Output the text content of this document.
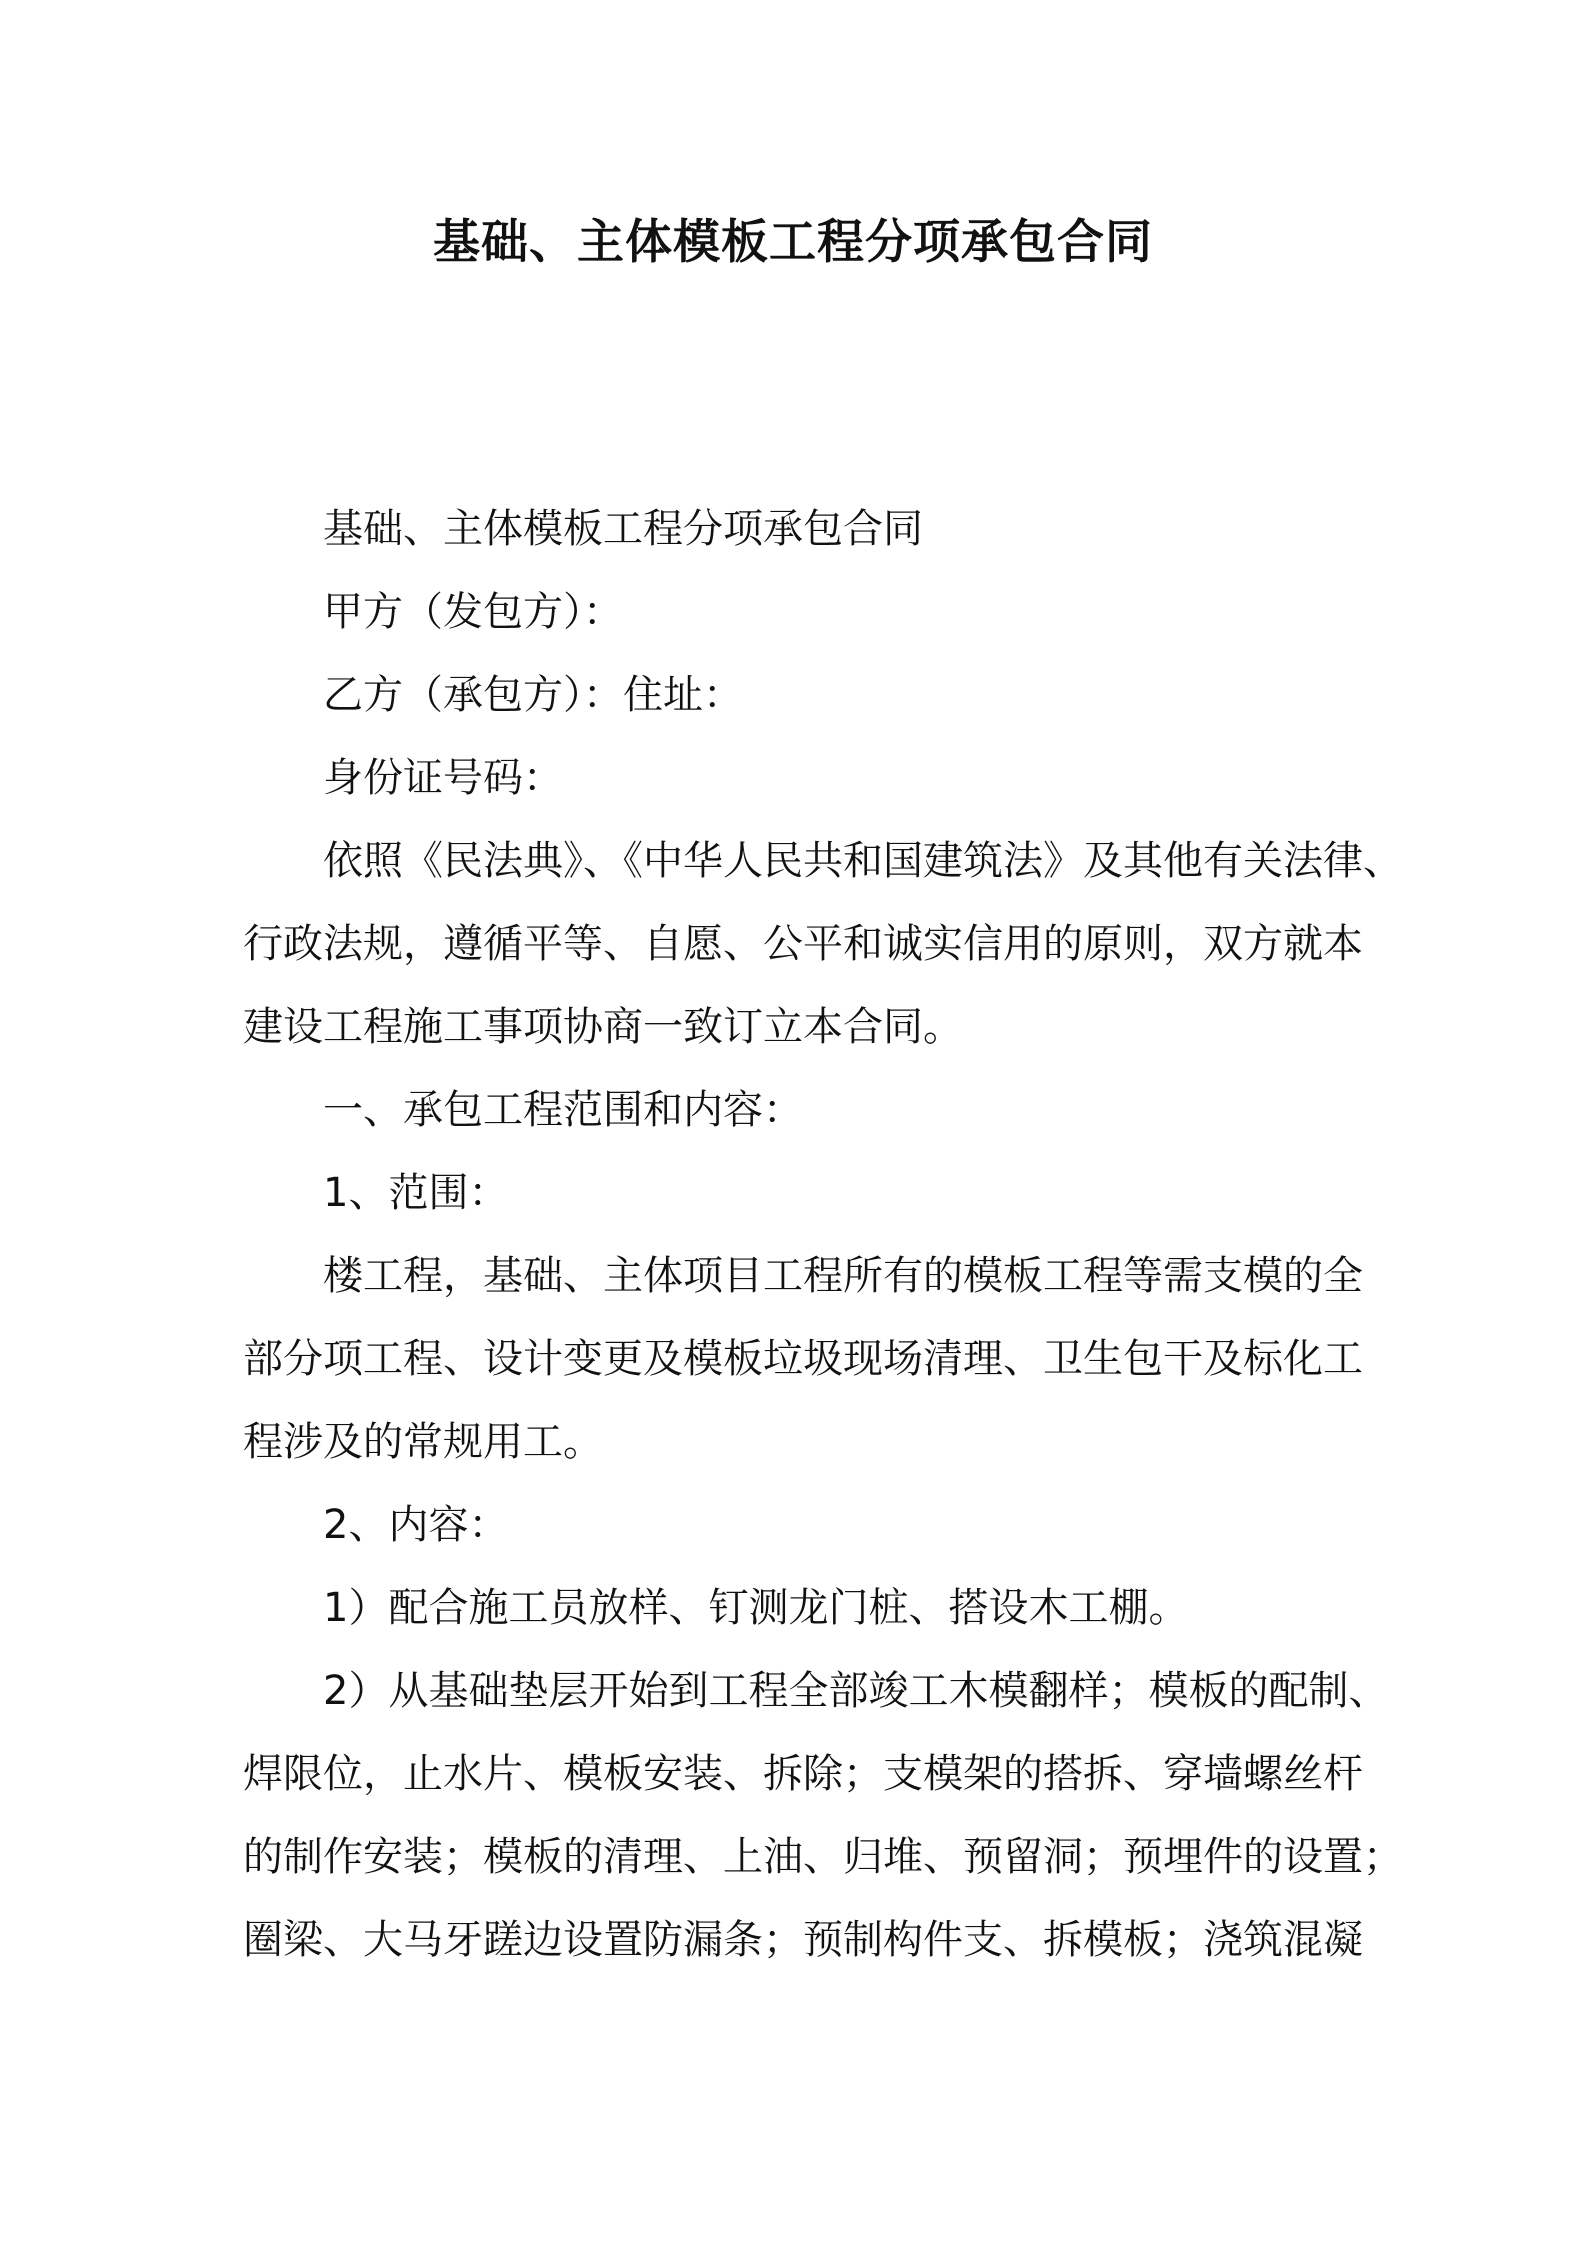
基础、主体模板工程分项承包合同

基础、主体模板工程分项承包合同

甲方（发包方）：

乙方（承包方）：住址：

身份证号码：

依照《民法典》、《中华人民共和国建筑法》及其他有关法律、

行政法规，遵循平等、自愿、公平和诚实信用的原则，双方就本

建设工程施工事项协商一致订立本合同。

一、承包工程范围和内容：

1、范围：

楼工程，基础、主体项目工程所有的模板工程等需支模的全

部分项工程、设计变更及模板垃圾现场清理、卫生包干及标化工

程涉及的常规用工。

2、内容：

1）配合施工员放样、钉测龙门桩、搭设木工棚。

2）从基础垫层开始到工程全部竣工木模翻样；模板的配制、

焊限位，止水片、模板安装、拆除；支模架的搭拆、穿墙螺丝杆

的制作安装；模板的清理、上油、归堆、预留洞；预埋件的设置；

圈梁、大马牙蹉边设置防漏条；预制构件支、拆模板；浇筑混凝
